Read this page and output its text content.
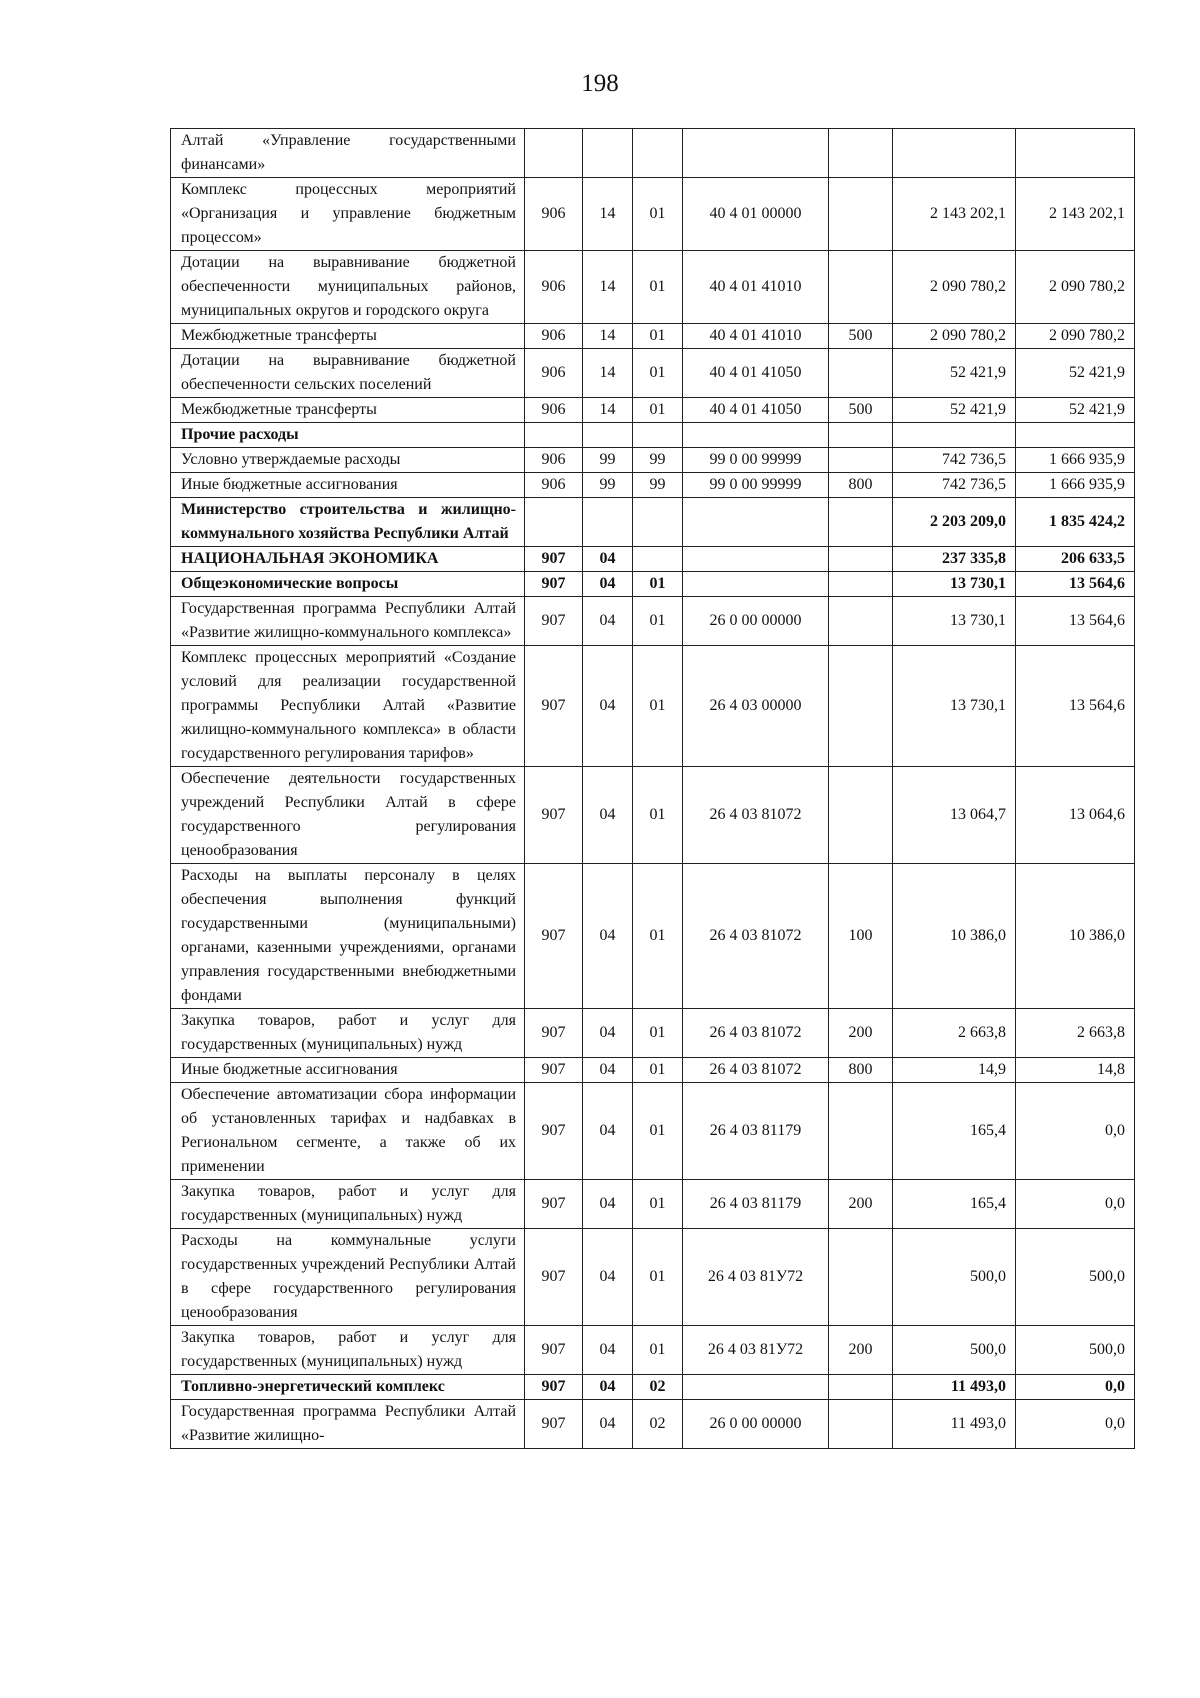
198
Алтай «Управление государственными финансами»							
Комплекс процессных мероприятий «Организация и управление бюджетным процессом»	906	14	01	40 4 01 00000		2 143 202,1	2 143 202,1
Дотации на выравнивание бюджетной обеспеченности муниципальных районов, муниципальных округов и городского округа	906	14	01	40 4 01 41010		2 090 780,2	2 090 780,2
Межбюджетные трансферты	906	14	01	40 4 01 41010	500	2 090 780,2	2 090 780,2
Дотации на выравнивание бюджетной обеспеченности сельских поселений	906	14	01	40 4 01 41050		52 421,9	52 421,9
Межбюджетные трансферты	906	14	01	40 4 01 41050	500	52 421,9	52 421,9
Прочие расходы							
Условно утверждаемые расходы	906	99	99	99 0 00 99999		742 736,5	1 666 935,9
Иные бюджетные ассигнования	906	99	99	99 0 00 99999	800	742 736,5	1 666 935,9
Министерство строительства и жилищно-коммунального хозяйства Республики Алтай						2 203 209,0	1 835 424,2
НАЦИОНАЛЬНАЯ ЭКОНОМИКА	907	04				237 335,8	206 633,5
Общеэкономические вопросы	907	04	01			13 730,1	13 564,6
Государственная программа Республики Алтай «Развитие жилищно-коммунального комплекса»	907	04	01	26 0 00 00000		13 730,1	13 564,6
Комплекс процессных мероприятий «Создание условий для реализации государственной программы Республики Алтай «Развитие жилищно-коммунального комплекса» в области государственного регулирования тарифов»	907	04	01	26 4 03 00000		13 730,1	13 564,6
Обеспечение деятельности государственных учреждений Республики Алтай в сфере государственного регулирования ценообразования	907	04	01	26 4 03 81072		13 064,7	13 064,6
Расходы на выплаты персоналу в целях обеспечения выполнения функций государственными (муниципальными) органами, казенными учреждениями, органами управления государственными внебюджетными фондами	907	04	01	26 4 03 81072	100	10 386,0	10 386,0
Закупка товаров, работ и услуг для государственных (муниципальных) нужд	907	04	01	26 4 03 81072	200	2 663,8	2 663,8
Иные бюджетные ассигнования	907	04	01	26 4 03 81072	800	14,9	14,8
Обеспечение автоматизации сбора информации об установленных тарифах и надбавках в Региональном сегменте, а также об их применении	907	04	01	26 4 03 81179		165,4	0,0
Закупка товаров, работ и услуг для государственных (муниципальных) нужд	907	04	01	26 4 03 81179	200	165,4	0,0
Расходы на коммунальные услуги государственных учреждений Республики Алтай в сфере государственного регулирования ценообразования	907	04	01	26 4 03 81У72		500,0	500,0
Закупка товаров, работ и услуг для государственных (муниципальных) нужд	907	04	01	26 4 03 81У72	200	500,0	500,0
Топливно-энергетический комплекс	907	04	02			11 493,0	0,0
Государственная программа Республики Алтай «Развитие жилищно-	907	04	02	26 0 00 00000		11 493,0	0,0
